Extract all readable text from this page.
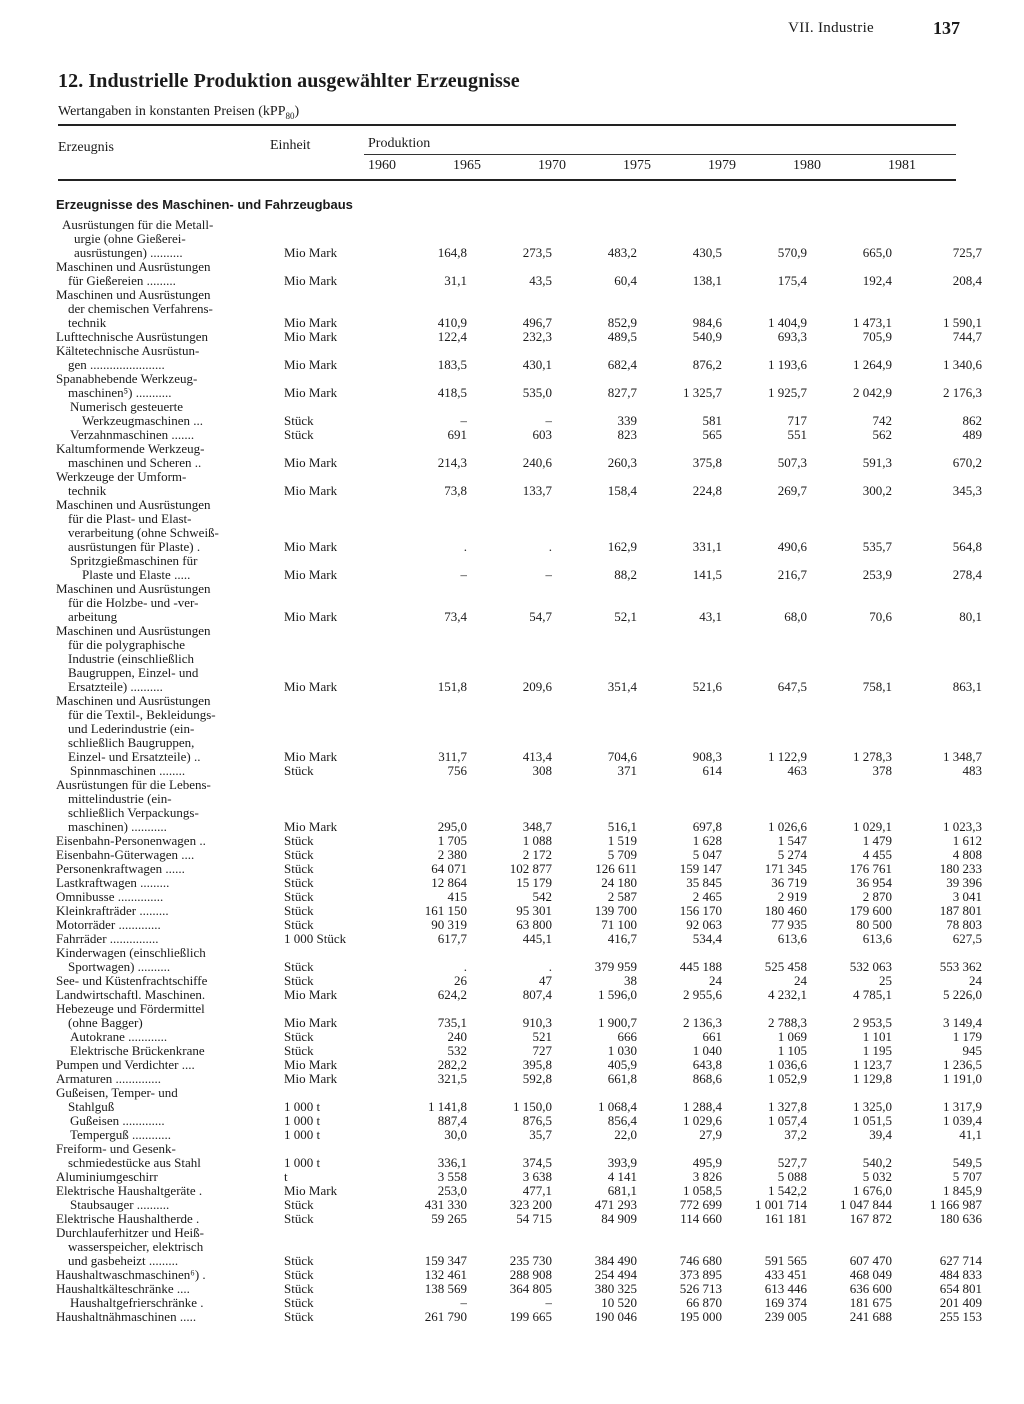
VII. Industrie	137
12. Industrielle Produktion ausgewählter Erzeugnisse
Wertangaben in konstanten Preisen (kPP$_{80}$)
Erzeugnis	Einheit	Produktion
1960	1965	1970	1975	1979	1980	1981
Erzeugnisse des Maschinen- und Fahrzeugbaus								

Ausrüstungen für die Metall-
urgie (ohne Gießerei-
ausrüstungen) ..........	Mio Mark	164,8	273,5	483,2	430,5	570,9	665,0	725,7

Maschinen und Ausrüstungen
für Gießereien .........	Mio Mark	31,1	43,5	60,4	138,1	175,4	192,4	208,4

Maschinen und Ausrüstungen
der chemischen Verfahrens-
technik	Mio Mark	410,9	496,7	852,9	984,6	1 404,9	1 473,1	1 590,1

Lufttechnische Ausrüstungen	Mio Mark	122,4	232,3	489,5	540,9	693,3	705,9	744,7

Kältetechnische Ausrüstun-
gen .......................	Mio Mark	183,5	430,1	682,4	876,2	1 193,6	1 264,9	1 340,6

Spanabhebende Werkzeug-
maschinen⁵) ...........	Mio Mark	418,5	535,0	827,7	1 325,7	1 925,7	2 042,9	2 176,3

Numerisch gesteuerte
Werkzeugmaschinen ...	Stück	–	–	339	581	717	742	862

Verzahnmaschinen .......	Stück	691	603	823	565	551	562	489

Kaltumformende Werkzeug-
maschinen und Scheren ..	Mio Mark	214,3	240,6	260,3	375,8	507,3	591,3	670,2

Werkzeuge der Umform-
technik	Mio Mark	73,8	133,7	158,4	224,8	269,7	300,2	345,3

Maschinen und Ausrüstungen
für die Plast- und Elast-
verarbeitung (ohne Schweiß-
ausrüstungen für Plaste) .	Mio Mark	.	.	162,9	331,1	490,6	535,7	564,8

Spritzgießmaschinen für
Plaste und Elaste .....	Mio Mark	–	–	88,2	141,5	216,7	253,9	278,4

Maschinen und Ausrüstungen
für die Holzbe- und -ver-
arbeitung	Mio Mark	73,4	54,7	52,1	43,1	68,0	70,6	80,1

Maschinen und Ausrüstungen
für die polygraphische
Industrie (einschließlich
Baugruppen, Einzel- und
Ersatzteile) ..........	Mio Mark	151,8	209,6	351,4	521,6	647,5	758,1	863,1

Maschinen und Ausrüstungen
für die Textil-, Bekleidungs-
und Lederindustrie (ein-
schließlich Baugruppen,
Einzel- und Ersatzteile) ..	Mio Mark	311,7	413,4	704,6	908,3	1 122,9	1 278,3	1 348,7

Spinnmaschinen ........	Stück	756	308	371	614	463	378	483

Ausrüstungen für die Lebens-
mittelindustrie (ein-
schließlich Verpackungs-
maschinen) ...........	Mio Mark	295,0	348,7	516,1	697,8	1 026,6	1 029,1	1 023,3

Eisenbahn-Personenwagen ..	Stück	1 705	1 088	1 519	1 628	1 547	1 479	1 612

Eisenbahn-Güterwagen ....	Stück	2 380	2 172	5 709	5 047	5 274	4 455	4 808

Personenkraftwagen ......	Stück	64 071	102 877	126 611	159 147	171 345	176 761	180 233

Lastkraftwagen .........	Stück	12 864	15 179	24 180	35 845	36 719	36 954	39 396

Omnibusse ..............	Stück	415	542	2 587	2 465	2 919	2 870	3 041

Kleinkrafträder .........	Stück	161 150	95 301	139 700	156 170	180 460	179 600	187 801

Motorräder .............	Stück	90 319	63 800	71 100	92 063	77 935	80 500	78 803

Fahrräder ...............	1 000 Stück	617,7	445,1	416,7	534,4	613,6	613,6	627,5

Kinderwagen (einschließlich
Sportwagen) ..........	Stück	.	.	379 959	445 188	525 458	532 063	553 362

See- und Küstenfrachtschiffe	Stück	26	47	38	24	24	25	24

Landwirtschaftl. Maschinen.	Mio Mark	624,2	807,4	1 596,0	2 955,6	4 232,1	4 785,1	5 226,0

Hebezeuge und Fördermittel
(ohne Bagger)	Mio Mark	735,1	910,3	1 900,7	2 136,3	2 788,3	2 953,5	3 149,4

Autokrane ............	Stück	240	521	666	661	1 069	1 101	1 179

Elektrische Brückenkrane	Stück	532	727	1 030	1 040	1 105	1 195	945

Pumpen und Verdichter ....	Mio Mark	282,2	395,8	405,9	643,8	1 036,6	1 123,7	1 236,5

Armaturen ..............	Mio Mark	321,5	592,8	661,8	868,6	1 052,9	1 129,8	1 191,0

Gußeisen, Temper- und
Stahlguß	1 000 t	1 141,8	1 150,0	1 068,4	1 288,4	1 327,8	1 325,0	1 317,9

Gußeisen .............	1 000 t	887,4	876,5	856,4	1 029,6	1 057,4	1 051,5	1 039,4

Temperguß ............	1 000 t	30,0	35,7	22,0	27,9	37,2	39,4	41,1

Freiform- und Gesenk-
schmiedestücke aus Stahl	1 000 t	336,1	374,5	393,9	495,9	527,7	540,2	549,5

Aluminiumgeschirr	t	3 558	3 638	4 141	3 826	5 088	5 032	5 707

Elektrische Haushaltgeräte .	Mio Mark	253,0	477,1	681,1	1 058,5	1 542,2	1 676,0	1 845,9

Staubsauger ..........	Stück	431 330	323 200	471 293	772 699	1 001 714	1 047 844	1 166 987

Elektrische Haushaltherde .	Stück	59 265	54 715	84 909	114 660	161 181	167 872	180 636

Durchlauferhitzer und Heiß-
wasserspeicher, elektrisch
und gasbeheizt .........	Stück	159 347	235 730	384 490	746 680	591 565	607 470	627 714

Haushaltwaschmaschinen⁶) .	Stück	132 461	288 908	254 494	373 895	433 451	468 049	484 833

Haushaltkälteschränke ....	Stück	138 569	364 805	380 325	526 713	613 446	636 600	654 801

Haushaltgefrierschränke .	Stück	–	–	10 520	66 870	169 374	181 675	201 409

Haushaltnähmaschinen .....	Stück	261 790	199 665	190 046	195 000	239 005	241 688	255 153
